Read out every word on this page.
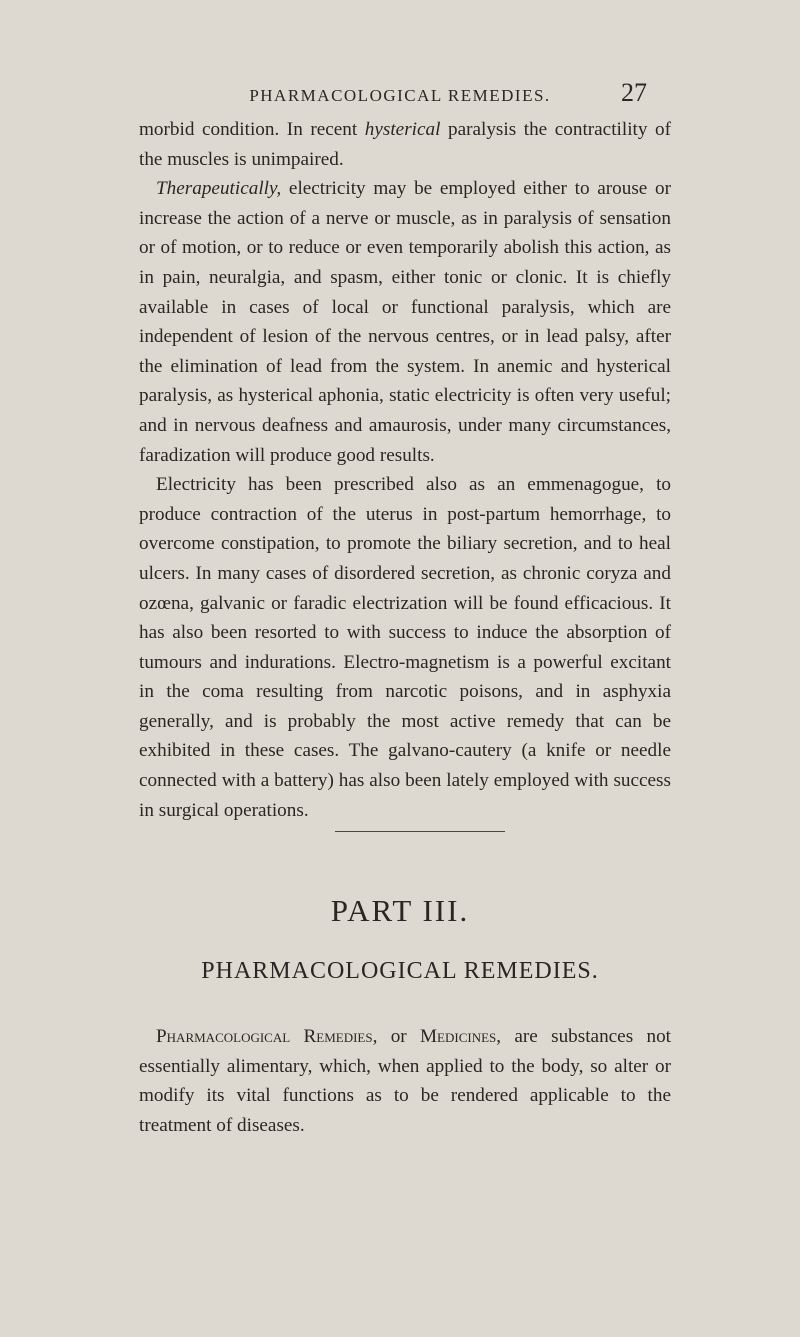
PHARMACOLOGICAL REMEDIES.	27

morbid condition. In recent hysterical paralysis the contractility of the muscles is unimpaired.

Therapeutically, electricity may be employed either to arouse or increase the action of a nerve or muscle, as in paralysis of sensation or of motion, or to reduce or even temporarily abolish this action, as in pain, neuralgia, and spasm, either tonic or clonic. It is chiefly available in cases of local or functional paralysis, which are independent of lesion of the nervous centres, or in lead palsy, after the elimination of lead from the system. In anemic and hysterical paralysis, as hysterical aphonia, static electricity is often very useful; and in nervous deafness and amaurosis, under many circumstances, faradization will produce good results.

Electricity has been prescribed also as an emmenagogue, to produce contraction of the uterus in post-partum hemorrhage, to overcome constipation, to promote the biliary secretion, and to heal ulcers. In many cases of disordered secretion, as chronic coryza and ozœna, galvanic or faradic electrization will be found efficacious. It has also been resorted to with success to induce the absorption of tumours and indurations. Electro-magnetism is a powerful excitant in the coma resulting from narcotic poisons, and in asphyxia generally, and is probably the most active remedy that can be exhibited in these cases. The galvano-cautery (a knife or needle connected with a battery) has also been lately employed with success in surgical operations.

PART III.
PHARMACOLOGICAL REMEDIES.

Pharmacological Remedies, or Medicines, are substances not essentially alimentary, which, when applied to the body, so alter or modify its vital functions as to be rendered applicable to the treatment of diseases.
